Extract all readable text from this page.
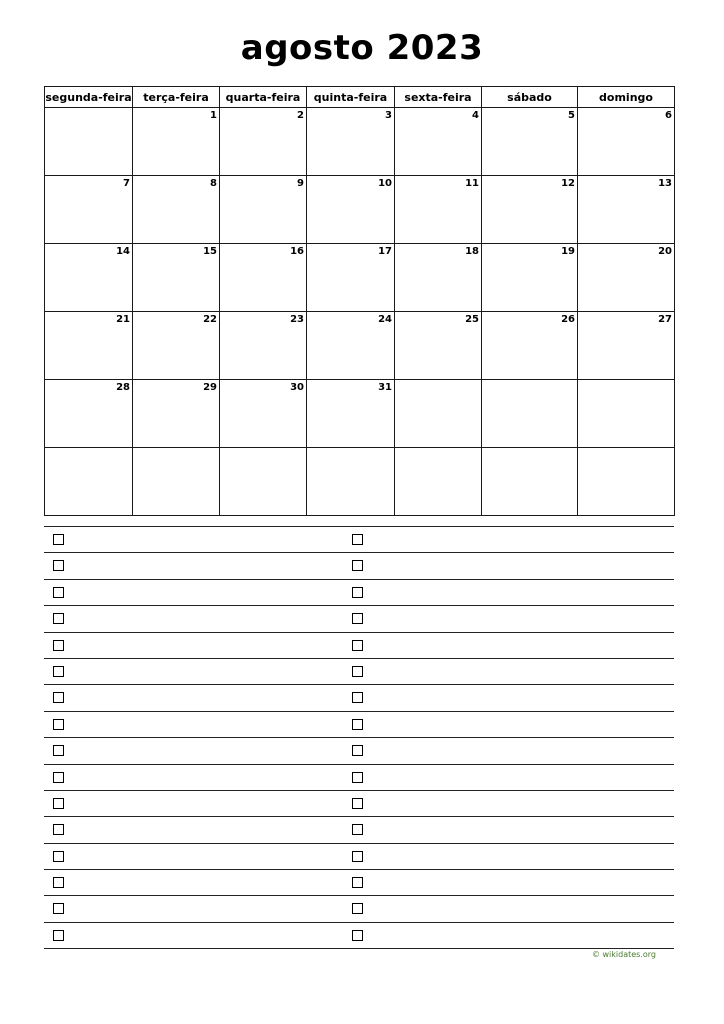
agosto 2023
segunda-feira	terça-feira	quarta-feira	quinta-feira	sexta-feira	sábado	domingo

	1	2	3	4	5	6

7	8	9	10	11	12	13

14	15	16	17	18	19	20

21	22	23	24	25	26	27

28	29	30	31			

© wikidates.org
